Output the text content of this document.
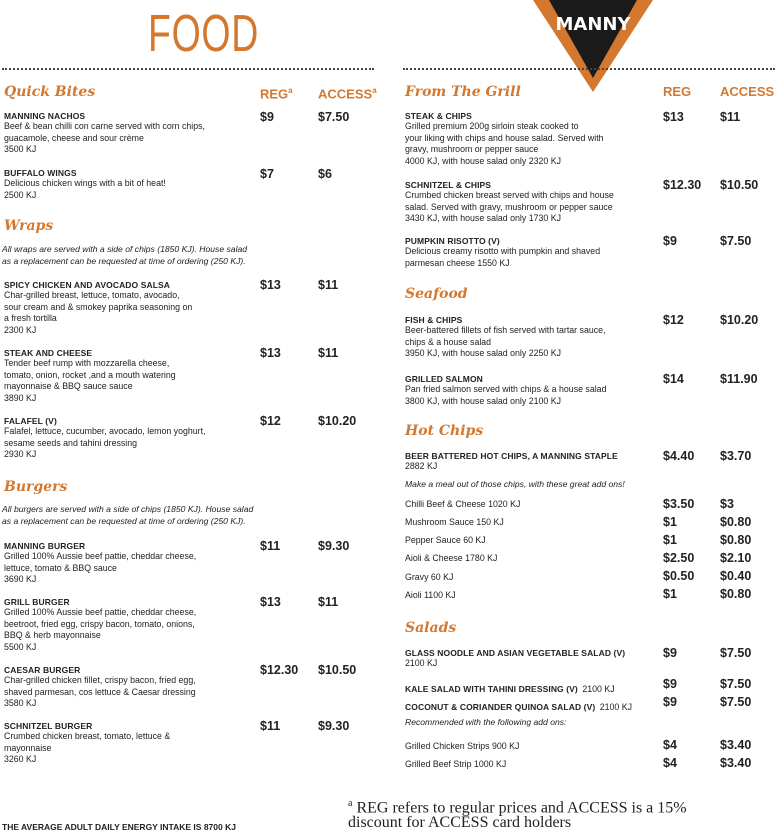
FOOD	MANNY
Quick Bites	REG$^a$ ACCESS$^a$
MANNING NACHOS
Beef & bean chilli con carne served with corn chips,
guacamole, cheese and sour crème
3500 KJ
$9	$7.50
BUFFALO WINGS
Delicious chicken wings with a bit of heat!
2500 KJ
$7	$6
Wraps
All wraps are served with a side of chips (1850 KJ). House salad
as a replacement can be requested at time of ordering (250 KJ).
SPICY CHICKEN AND AVOCADO SALSA
Char-grilled breast, lettuce, tomato, avocado,
sour cream and & smokey paprika seasoning on
a fresh tortilla
2300 KJ
$13	$11
STEAK AND CHEESE
Tender beef rump with mozzarella cheese,
tomato, onion, rocket ,and a mouth watering
mayonnaise & BBQ sauce sauce
3890 KJ
$13	$11
FALAFEL (V)
Falafel, lettuce, cucumber, avocado, lemon yoghurt,
sesame seeds and tahini dressing
2930 KJ
$12	$10.20
Burgers
All burgers are served with a side of chips (1850 KJ). House salad
as a replacement can be requested at time of ordering (250 KJ).
MANNING BURGER
Grilled 100% Aussie beef pattie, cheddar cheese,
lettuce, tomato & BBQ sauce
3690 KJ
$11	$9.30
GRILL BURGER
Grilled 100% Aussie beef pattie, cheddar cheese,
beetroot, fried egg, crispy bacon, tomato, onions,
BBQ & herb mayonnaise
5500 KJ
$13	$11
CAESAR BURGER
Char-grilled chicken fillet, crispy bacon, fried egg,
shaved parmesan, cos lettuce & Caesar dressing
3580 KJ
$12.30 $10.50
SCHNITZEL BURGER
Crumbed chicken breast, tomato, lettuce &
mayonnaise
3260 KJ
$11	$9.30
From The Grill	REG ACCESS
STEAK & CHIPS
Grilled premium 200g sirloin steak cooked to
your liking with chips and house salad. Served with
gravy, mushroom or pepper sauce
4000 KJ, with house salad only 2320 KJ
$13	$11
SCHNITZEL & CHIPS
Crumbed chicken breast served with chips and house
salad. Served with gravy, mushroom or pepper sauce
3430 KJ, with house salad only 1730 KJ
$12.30 $10.50
PUMPKIN RISOTTO (V)
Delicious creamy risotto with pumpkin and shaved
parmesan cheese 1550 KJ
$9	$7.50
Seafood
FISH & CHIPS
Beer-battered fillets of fish served with tartar sauce,
chips & a house salad
3950 KJ, with house salad only 2250 KJ
$12	$10.20
GRILLED SALMON
Pan fried salmon served with chips & a house salad
3800 KJ, with house salad only 2100 KJ
$14	$11.90
Hot Chips
BEER BATTERED HOT CHIPS, A MANNING STAPLE
2882 KJ
$4.40 $3.70
Make a meal out of those chips, with these great add ons!
Chilli Beef & Cheese 1020 KJ	$3.50 $3
Mushroom Sauce 150 KJ	$1	$0.80
Pepper Sauce 60 KJ	$1	$0.80
Aioli & Cheese 1780 KJ	$2.50 $2.10
Gravy 60 KJ	$0.50 $0.40
Aioli 1100 KJ	$1	$0.80
Salads
GLASS NOODLE AND ASIAN VEGETABLE SALAD (V)
2100 KJ
$9	$7.50
KALE SALAD WITH TAHINI DRESSING (V) 2100 KJ	$9	$7.50
COCONUT & CORIANDER QUINOA SALAD (V) 2100 KJ	$9	$7.50
Recommended with the following add ons:
Grilled Chicken Strips 900 KJ	$4	$3.40
Grilled Beef Strip 1000 KJ	$4	$3.40
THE AVERAGE ADULT DAILY ENERGY INTAKE IS 8700 KJ
$^a$ REG refers to regular prices and ACCESS is a 15%
discount for ACCESS card holders
